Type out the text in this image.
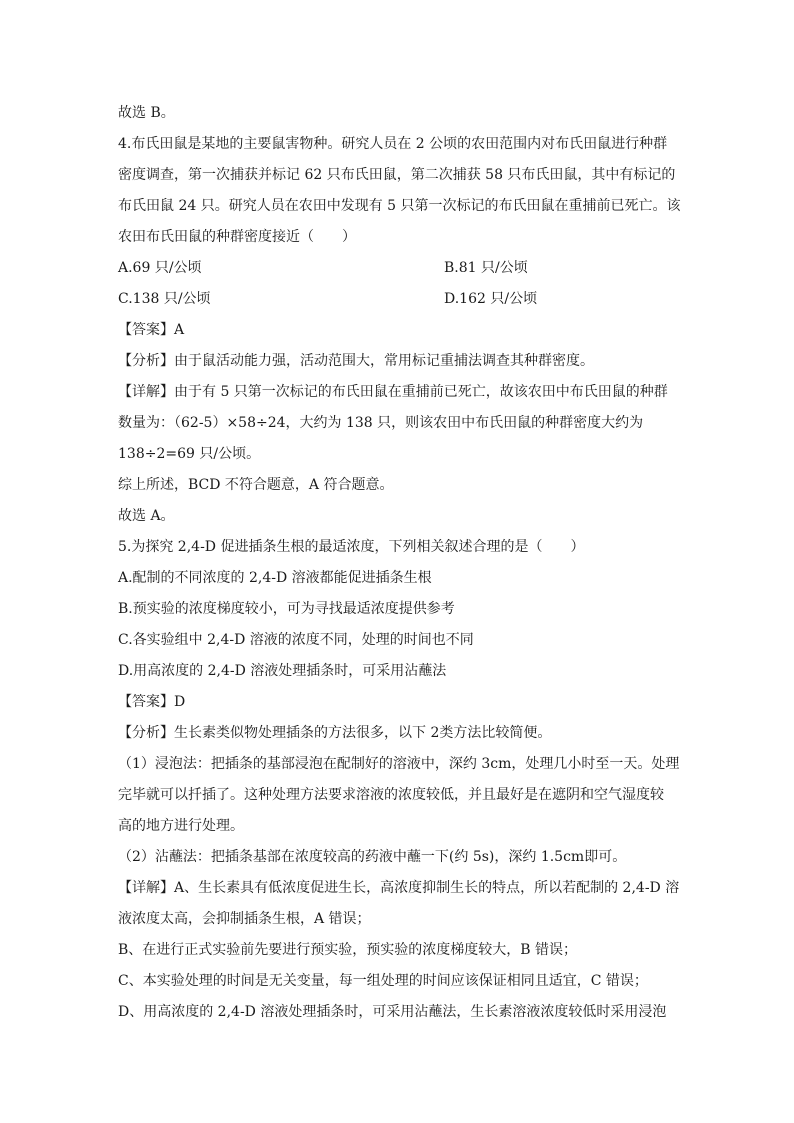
故选 B。
4.布氏田鼠是某地的主要鼠害物种。研究人员在 2 公顷的农田范围内对布氏田鼠进行种群
密度调查，第一次捕获并标记 62 只布氏田鼠，第二次捕获 58 只布氏田鼠，其中有标记的
布氏田鼠 24 只。研究人员在农田中发现有 5 只第一次标记的布氏田鼠在重捕前已死亡。该
农田布氏田鼠的种群密度接近（　　）
A.69 只/公顷	B.81 只/公顷
C.138 只/公顷	D.162 只/公顷
【答案】A
【分析】由于鼠活动能力强，活动范围大，常用标记重捕法调查其种群密度。
【详解】由于有 5 只第一次标记的布氏田鼠在重捕前已死亡，故该农田中布氏田鼠的种群
数量为：（62-5）×58÷24，大约为 138 只，则该农田中布氏田鼠的种群密度大约为
138÷2=69 只/公顷。
综上所述，BCD 不符合题意，A 符合题意。
故选 A。
5.为探究 2,4-D 促进插条生根的最适浓度，下列相关叙述合理的是（　　）
A.配制的不同浓度的 2,4-D 溶液都能促进插条生根
B.预实验的浓度梯度较小，可为寻找最适浓度提供参考
C.各实验组中 2,4-D 溶液的浓度不同，处理的时间也不同
D.用高浓度的 2,4-D 溶液处理插条时，可采用沾蘸法
【答案】D
【分析】生长素类似物处理插条的方法很多，以下 2类方法比较简便。
（1）浸泡法：把插条的基部浸泡在配制好的溶液中，深约 3cm，处理几小时至一天。处理
完毕就可以扦插了。这种处理方法要求溶液的浓度较低，并且最好是在遮阴和空气湿度较
高的地方进行处理。
（2）沾蘸法：把插条基部在浓度较高的药液中蘸一下(约 5s)，深约 1.5cm即可。
【详解】A、生长素具有低浓度促进生长，高浓度抑制生长的特点，所以若配制的 2,4-D 溶
液浓度太高，会抑制插条生根，A 错误；
B、在进行正式实验前先要进行预实验，预实验的浓度梯度较大，B 错误；
C、本实验处理的时间是无关变量，每一组处理的时间应该保证相同且适宜，C 错误；
D、用高浓度的 2,4-D 溶液处理插条时，可采用沾蘸法，生长素溶液浓度较低时采用浸泡
